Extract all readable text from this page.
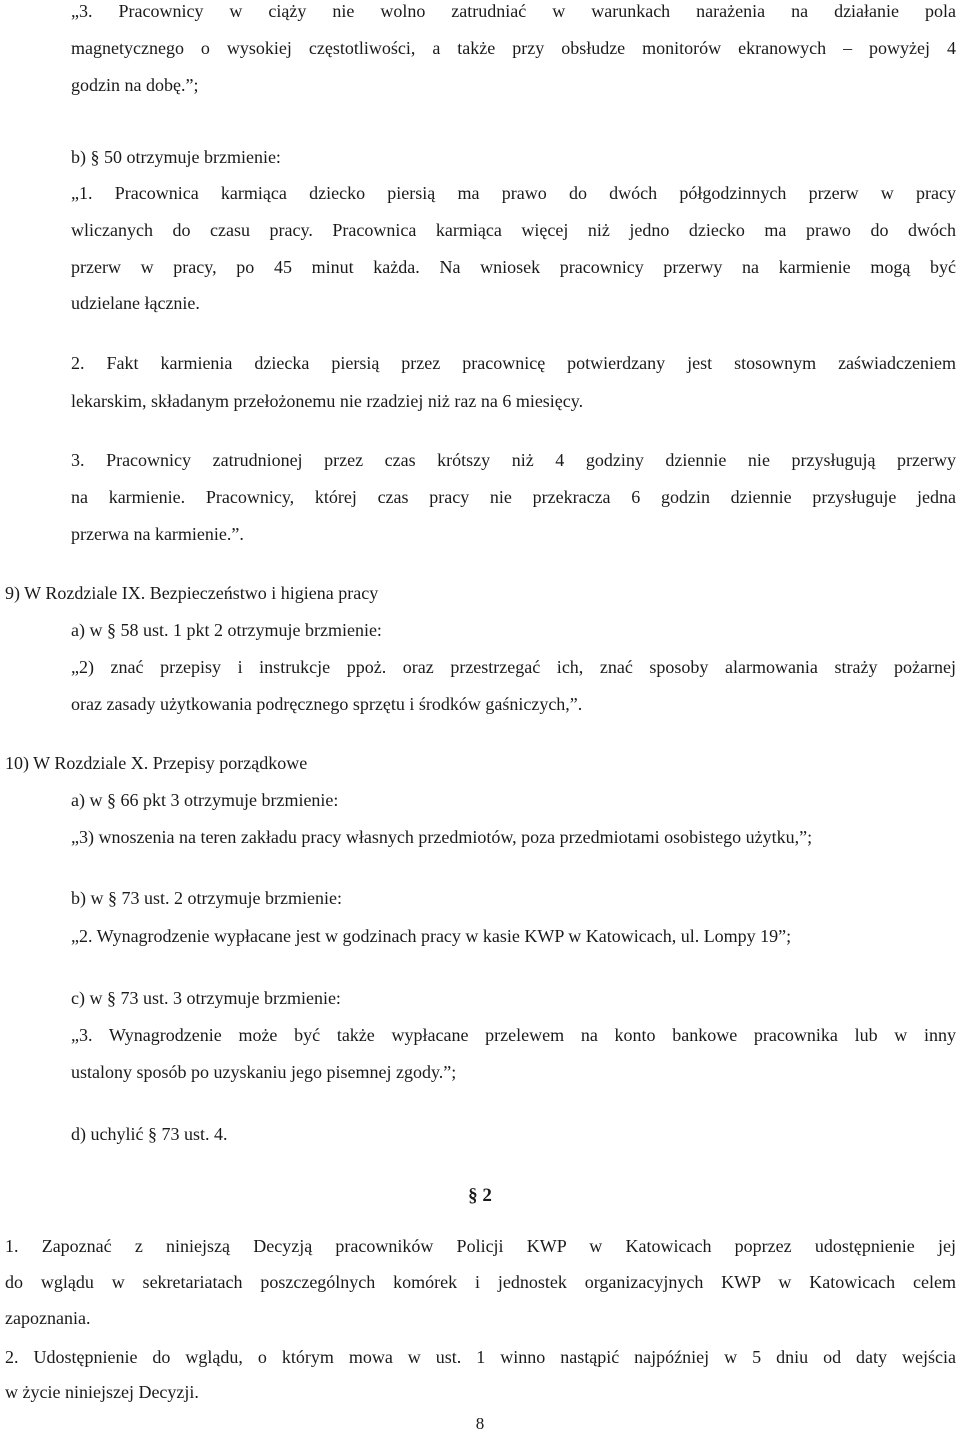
„3. Pracownicy w ciąży nie wolno zatrudniać w warunkach narażenia na działanie pola
magnetycznego o wysokiej częstotliwości, a także przy obsłudze monitorów ekranowych – powyżej 4
godzin na dobę.”;
b) § 50 otrzymuje brzmienie:
„1. Pracownica karmiąca dziecko piersią ma prawo do dwóch półgodzinnych przerw w pracy
wliczanych do czasu pracy. Pracownica karmiąca więcej niż jedno dziecko ma prawo do dwóch
przerw w pracy, po 45 minut każda. Na wniosek pracownicy przerwy na karmienie mogą być
udzielane łącznie.
2. Fakt karmienia dziecka piersią przez pracownicę potwierdzany jest stosownym zaświadczeniem
lekarskim, składanym przełożonemu nie rzadziej niż raz na 6 miesięcy.
3. Pracownicy zatrudnionej przez czas krótszy niż 4 godziny dziennie nie przysługują przerwy
na karmienie. Pracownicy, której czas pracy nie przekracza 6 godzin dziennie przysługuje jedna
przerwa na karmienie.”.
9) W Rozdziale IX. Bezpieczeństwo i higiena pracy
a) w § 58 ust. 1 pkt 2 otrzymuje brzmienie:
„2) znać przepisy i instrukcje ppoż. oraz przestrzegać ich, znać sposoby alarmowania straży pożarnej
oraz zasady użytkowania podręcznego sprzętu i środków gaśniczych,”.
10) W Rozdziale X. Przepisy porządkowe
a) w § 66 pkt 3 otrzymuje brzmienie:
„3) wnoszenia na teren zakładu pracy własnych przedmiotów, poza przedmiotami osobistego użytku,”;
b) w § 73 ust. 2 otrzymuje brzmienie:
„2. Wynagrodzenie wypłacane jest w godzinach pracy w kasie KWP w Katowicach, ul. Lompy 19”;
c) w § 73 ust. 3 otrzymuje brzmienie:
„3. Wynagrodzenie może być także wypłacane przelewem na konto bankowe pracownika lub w inny
ustalony sposób po uzyskaniu jego pisemnej zgody.”;
d) uchylić § 73 ust. 4.
§ 2
1. Zapoznać z niniejszą Decyzją pracowników Policji KWP w Katowicach poprzez udostępnienie jej
do wglądu w sekretariatach poszczególnych komórek i jednostek organizacyjnych KWP w Katowicach celem
zapoznania.
2. Udostępnienie do wglądu, o którym mowa w ust. 1 winno nastąpić najpóźniej w 5 dniu od daty wejścia
w życie niniejszej Decyzji.
8
